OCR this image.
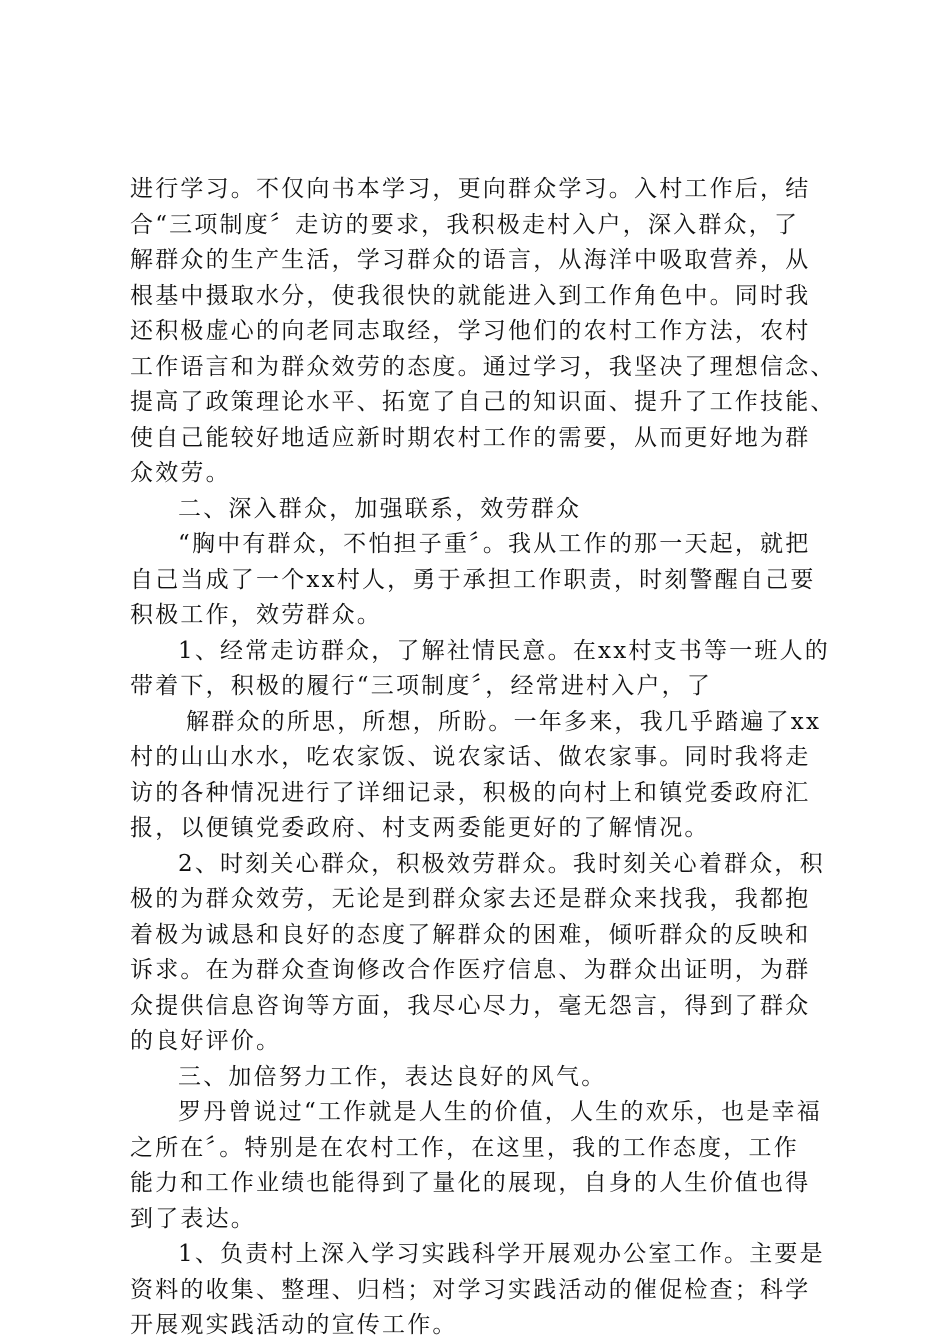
进行学习。不仅向书本学习，更向群众学习。入村工作后，结
合“三项制度〞走访的要求，我积极走村入户，深入群众，了
解群众的生产生活，学习群众的语言，从海洋中吸取营养，从
根基中摄取水分，使我很快的就能进入到工作角色中。同时我
还积极虚心的向老同志取经，学习他们的农村工作方法，农村
工作语言和为群众效劳的态度。通过学习，我坚决了理想信念、
提高了政策理论水平、拓宽了自己的知识面、提升了工作技能、
使自己能较好地适应新时期农村工作的需要，从而更好地为群
众效劳。
二、深入群众，加强联系，效劳群众
“胸中有群众，不怕担子重〞。我从工作的那一天起，就把
自己当成了一个xx村人，勇于承担工作职责，时刻警醒自己要
积极工作，效劳群众。
1、经常走访群众，了解社情民意。在xx村支书等一班人的
带着下，积极的履行“三项制度〞，经常进村入户，了
解群众的所思，所想，所盼。一年多来，我几乎踏遍了xx
村的山山水水，吃农家饭、说农家话、做农家事。同时我将走
访的各种情况进行了详细记录，积极的向村上和镇党委政府汇
报，以便镇党委政府、村支两委能更好的了解情况。
2、时刻关心群众，积极效劳群众。我时刻关心着群众，积
极的为群众效劳，无论是到群众家去还是群众来找我，我都抱
着极为诚恳和良好的态度了解群众的困难，倾听群众的反映和
诉求。在为群众查询修改合作医疗信息、为群众出证明，为群
众提供信息咨询等方面，我尽心尽力，毫无怨言，得到了群众
的良好评价。
三、加倍努力工作，表达良好的风气。
罗丹曾说过“工作就是人生的价值，人生的欢乐，也是幸福
之所在〞。特别是在农村工作，在这里，我的工作态度，工作
能力和工作业绩也能得到了量化的展现，自身的人生价值也得
到了表达。
1、负责村上深入学习实践科学开展观办公室工作。主要是
资料的收集、整理、归档；对学习实践活动的催促检查；科学
开展观实践活动的宣传工作。
